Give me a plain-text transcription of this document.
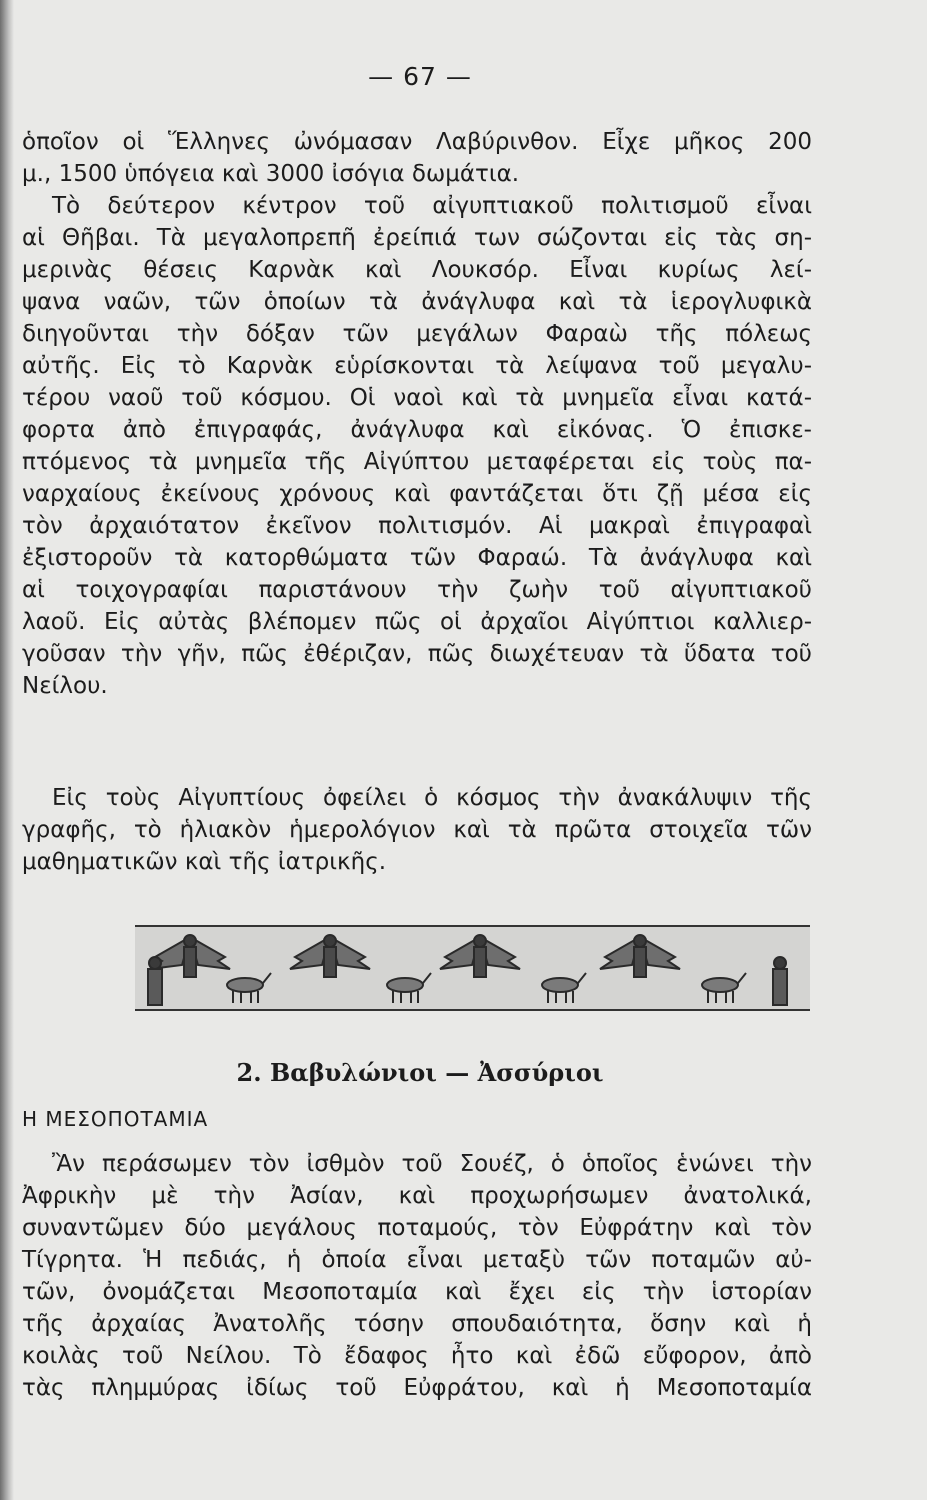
— 67 —
ὁποῖον οἱ Ἕλληνες ὠνόμασαν Λαβύρινθον. Εἶχε μῆκος 200
μ., 1500 ὑπόγεια καὶ 3000 ἰσόγια δωμάτια.
Τὸ δεύτερον κέντρον τοῦ αἰγυπτιακοῦ πολιτισμοῦ εἶναι
αἱ Θῆβαι. Τὰ μεγαλοπρεπῆ ἐρείπιά των σώζονται εἰς τὰς ση-
μερινὰς θέσεις Καρνὰκ καὶ Λουκσόρ. Εἶναι κυρίως λεί-
ψανα ναῶν, τῶν ὁποίων τὰ ἀνάγλυφα καὶ τὰ ἱερογλυφικὰ
διηγοῦνται τὴν δόξαν τῶν μεγάλων Φαραὼ τῆς πόλεως
αὐτῆς. Εἰς τὸ Καρνὰκ εὑρίσκονται τὰ λείψανα τοῦ μεγαλυ-
τέρου ναοῦ τοῦ κόσμου. Οἱ ναοὶ καὶ τὰ μνημεῖα εἶναι κατά-
φορτα ἀπὸ ἐπιγραφάς, ἀνάγλυφα καὶ εἰκόνας. Ὁ ἐπισκε-
πτόμενος τὰ μνημεῖα τῆς Αἰγύπτου μεταφέρεται εἰς τοὺς πα-
ναρχαίους ἐκείνους χρόνους καὶ φαντάζεται ὅτι ζῇ μέσα εἰς
τὸν ἀρχαιότατον ἐκεῖνον πολιτισμόν. Αἱ μακραὶ ἐπιγραφαὶ
ἐξιστοροῦν τὰ κατορθώματα τῶν Φαραώ. Τὰ ἀνάγλυφα καὶ
αἱ τοιχογραφίαι παριστάνουν τὴν ζωὴν τοῦ αἰγυπτιακοῦ
λαοῦ. Εἰς αὐτὰς βλέπομεν πῶς οἱ ἀρχαῖοι Αἰγύπτιοι καλλιερ-
γοῦσαν τὴν γῆν, πῶς ἐθέριζαν, πῶς διωχέτευαν τὰ ὕδατα τοῦ
Νείλου.
Εἰς τοὺς Αἰγυπτίους ὀφείλει ὁ κόσμος τὴν ἀνακάλυψιν τῆς
γραφῆς, τὸ ἡλιακὸν ἡμερολόγιον καὶ τὰ πρῶτα στοιχεῖα τῶν
μαθηματικῶν καὶ τῆς ἰατρικῆς.
2. Βαβυλώνιοι — Ἀσσύριοι
Η ΜΕΣΟΠΟΤΑΜΙΑ
Ἂν περάσωμεν τὸν ἰσθμὸν τοῦ Σουέζ, ὁ ὁποῖος ἑνώνει τὴν
Ἀφρικὴν μὲ τὴν Ἀσίαν, καὶ προχωρήσωμεν ἀνατολικά,
συναντῶμεν δύο μεγάλους ποταμούς, τὸν Εὐφράτην καὶ τὸν
Τίγρητα. Ἡ πεδιάς, ἡ ὁποία εἶναι μεταξὺ τῶν ποταμῶν αὐ-
τῶν, ὀνομάζεται Μεσοποταμία καὶ ἔχει εἰς τὴν ἱστορίαν
τῆς ἀρχαίας Ἀνατολῆς τόσην σπουδαιότητα, ὅσην καὶ ἡ
κοιλὰς τοῦ Νείλου. Τὸ ἔδαφος ἦτο καὶ ἐδῶ εὔφορον, ἀπὸ
τὰς πλημμύρας ἰδίως τοῦ Εὐφράτου, καὶ ἡ Μεσοποταμία
